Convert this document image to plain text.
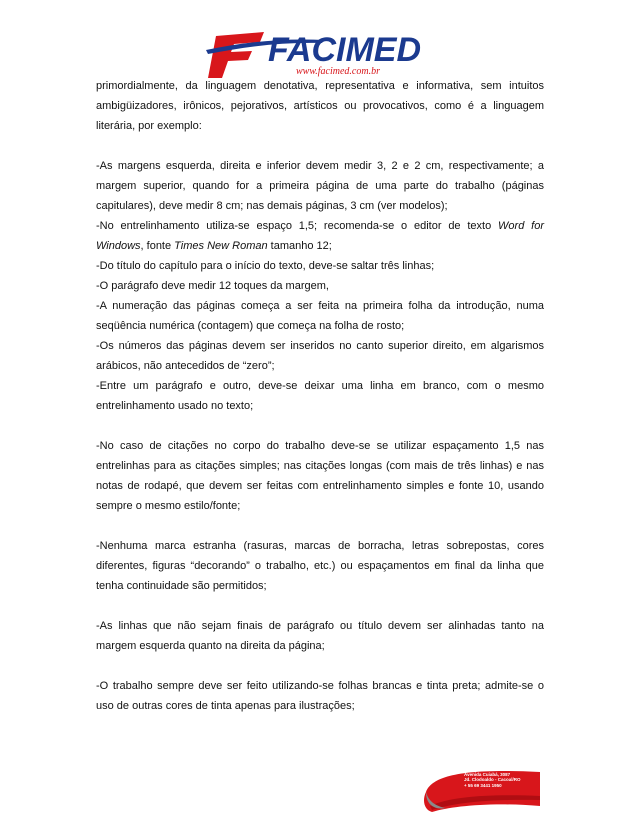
FACIMED
www.facimed.com.br

primordialmente, da linguagem denotativa, representativa e informativa, sem intuitos ambigüizadores, irônicos, pejorativos, artísticos ou provocativos, como é a linguagem literária, por exemplo:

-As margens esquerda, direita e inferior devem medir 3, 2 e 2 cm, respectivamente; a margem superior, quando for a primeira página de uma parte do trabalho (páginas capitulares), deve medir 8 cm; nas demais páginas, 3 cm (ver modelos);

-No entrelinhamento utiliza-se espaço 1,5; recomenda-se o editor de texto Word for Windows, fonte Times New Roman tamanho 12;

-Do título do capítulo para o início do texto, deve-se saltar três linhas;

-O parágrafo deve medir 12 toques da margem,

-A numeração das páginas começa a ser feita na primeira folha da introdução, numa seqüência numérica (contagem) que começa na folha de rosto;

-Os números das páginas devem ser inseridos no canto superior direito, em algarismos arábicos, não antecedidos de “zero”;

-Entre um parágrafo e outro, deve-se deixar uma linha em branco, com o mesmo entrelinhamento usado no texto;

-No caso de citações no corpo do trabalho deve-se se utilizar espaçamento 1,5 nas entrelinhas para as citações simples; nas citações longas (com mais de três linhas) e nas notas de rodapé, que devem ser feitas com entrelinhamento simples e fonte 10, usando sempre o mesmo estilo/fonte;

-Nenhuma marca estranha (rasuras, marcas de borracha, letras sobrepostas, cores diferentes, figuras “decorando” o trabalho, etc.) ou espaçamentos em final da linha que tenha continuidade são permitidos;

-As linhas que não sejam finais de parágrafo ou título devem ser alinhadas tanto na margem esquerda quanto na direita da página;

-O trabalho sempre deve ser feito utilizando-se folhas brancas e tinta preta; admite-se o uso de outras cores de tinta apenas para ilustrações;

Avenida Cuiabá, 3087
Jd. Clodoaldo - Cacoal/RO
+ 55 69 3441 1950
